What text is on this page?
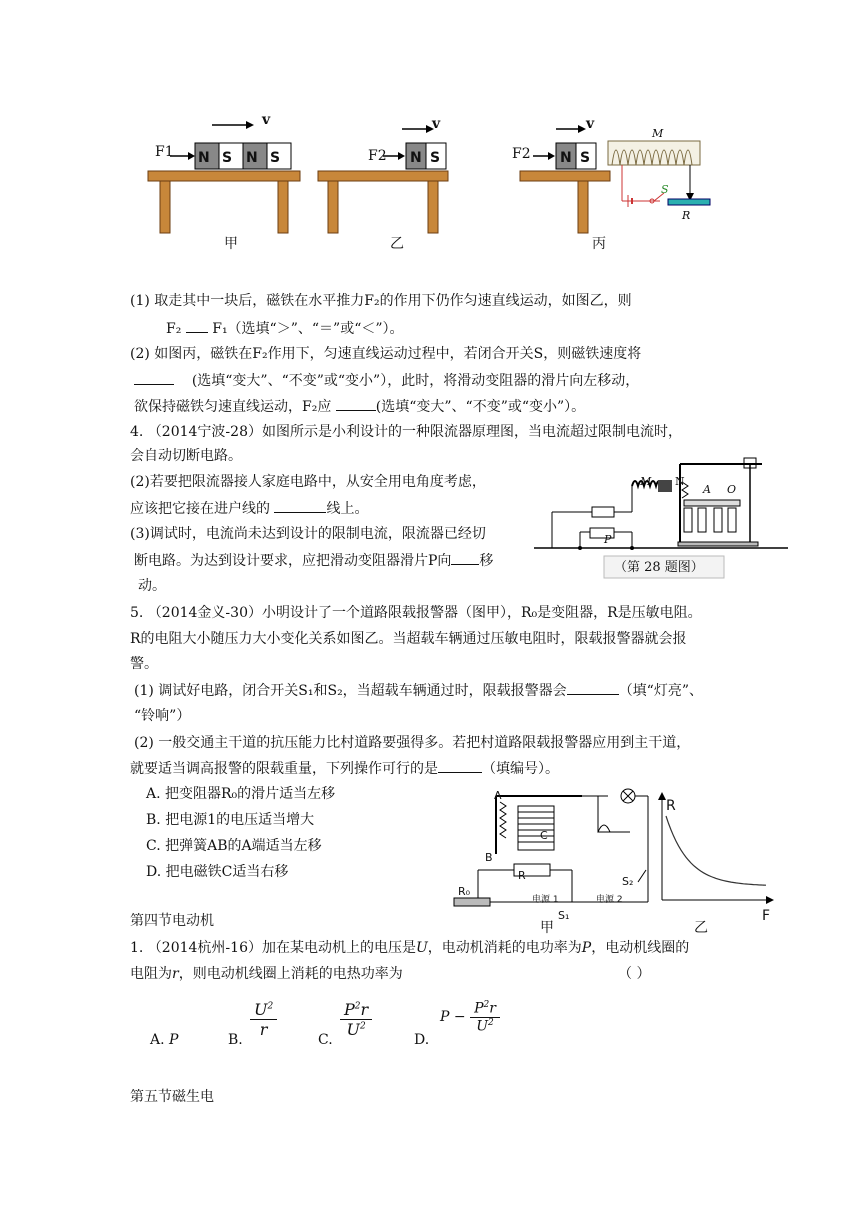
F1
v
N S N S
甲
F2
v
N S
乙
F2
v
N S
M
S
R
丙
(1) 取走其中一块后，磁铁在水平推力F₂的作用下仍作匀速直线运动，如图乙，则
F₂ F₁（选填“＞”、“＝”或“＜”）。
(2) 如图丙，磁铁在F₂作用下，匀速直线运动过程中，若闭合开关S，则磁铁速度将
(选填“变大”、“不变”或“变小”），此时，将滑动变阻器的滑片向左移动，
欲保持磁铁匀速直线运动，F₂应	(选填“变大”、“不变”或“变小”）。
4. （2014宁波-28）如图所示是小利设计的一种限流器原理图，当电流超过限制电流时，
会自动切断电路。
(2)若要把限流器接人家庭电路中，从安全用电角度考虑，
应该把它接在进户线的	线上。
(3)调试时，电流尚未达到设计的限制电流，限流器已经切
断电路。为达到设计要求，应把滑动变阻器滑片P向 移
动。
M N
A O
P
（第 28 题图）
5. （2014金义-30）小明设计了一个道路限载报警器（图甲），R₀是变阻器，R是压敏电阻。
R的电阻大小随压力大小变化关系如图乙。当超载车辆通过压敏电阻时，限载报警器就会报
警。
(1) 调试好电路，闭合开关S₁和S₂，当超载车辆通过时，限载报警器会	（填“灯亮”、
“铃响”）
(2) 一般交通主干道的抗压能力比村道路要强得多。若把村道路限载报警器应用到主干道，
就要适当调高报警的限载重量，下列操作可行的是	（填编号）。
A. 把变阻器R₀的滑片适当左移
B. 把电源1的电压适当增大
C. 把弹簧AB的A端适当左移
D. 把电磁铁C适当右移
A
B
C
R
R₀
电源 1	电源 2
S₁
S₂
甲
R
F
乙
第四节电动机
1. （2014杭州-16）加在某电动机上的电压是U，电动机消耗的电功率为P，电动机线圈的
电阻为r，则电动机线圈上消耗的电热功率为	（ ）
A. P	B.
$\frac{U^2}{r}$
C.
$\frac{P^2r}{U^2}$
D.
$P - \frac{P^2r}{U^2}$
第五节磁生电
